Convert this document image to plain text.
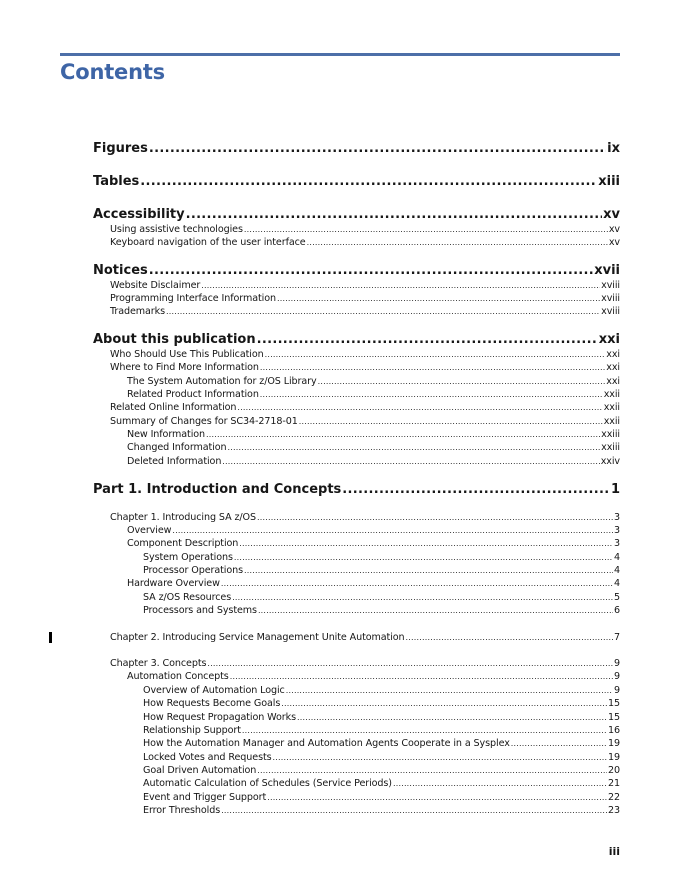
Contents
Figures .....	ix
Tables .....	xiii
Accessibility .....	xv
Using assistive technologies .....	xv
Keyboard navigation of the user interface .....	xv
Notices .....	xvii
Website Disclaimer .....	xviii
Programming Interface Information .....	xviii
Trademarks .....	xviii
About this publication .....	xxi
Who Should Use This Publication .....	xxi
Where to Find More Information .....	xxi
The System Automation for z/OS Library .....	xxi
Related Product Information .....	xxii
Related Online Information .....	xxii
Summary of Changes for SC34-2718-01 .....	xxii
New Information .....	xxiii
Changed Information .....	xxiii
Deleted Information .....	xxiv
Part 1. Introduction and Concepts .....	1
Chapter 1. Introducing SA z/OS .....	3
Overview .....	3
Component Description .....	3
System Operations .....	4
Processor Operations .....	4
Hardware Overview .....	4
SA z/OS Resources .....	5
Processors and Systems .....	6
Chapter 2. Introducing Service Management Unite Automation .....	7
Chapter 3. Concepts .....	9
Automation Concepts .....	9
Overview of Automation Logic .....	9
How Requests Become Goals .....	15
How Request Propagation Works .....	15
Relationship Support .....	16
How the Automation Manager and Automation Agents Cooperate in a Sysplex .....	19
Locked Votes and Requests .....	19
Goal Driven Automation .....	20
Automatic Calculation of Schedules (Service Periods) .....	21
Event and Trigger Support .....	22
Error Thresholds .....	23
iii
